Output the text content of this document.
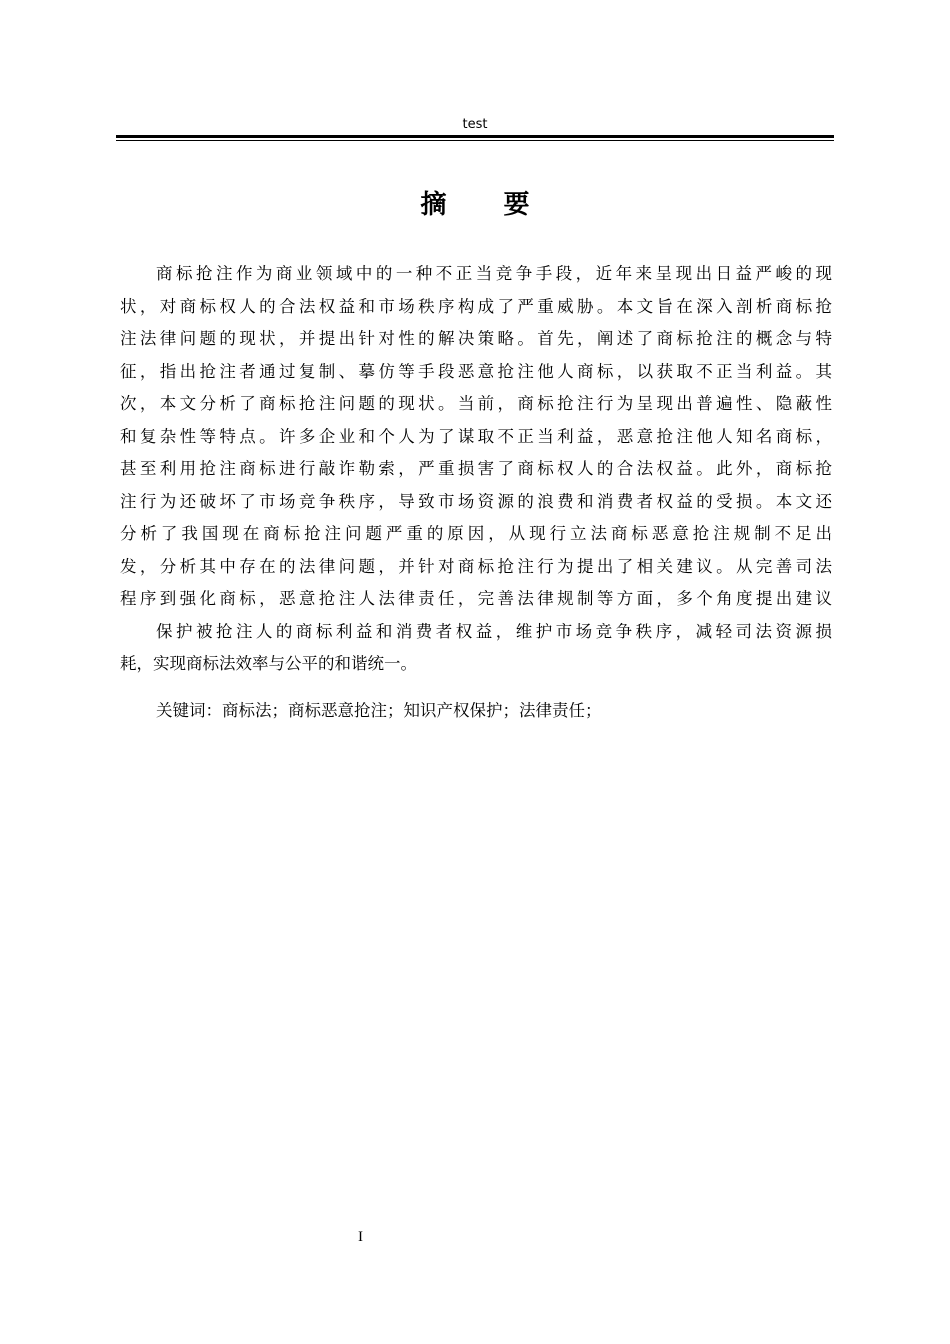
test
摘 要
商标抢注作为商业领域中的一种不正当竞争手段，近年来呈现出日益严峻的现
状，对商标权人的合法权益和市场秩序构成了严重威胁。本文旨在深入剖析商标抢
注法律问题的现状，并提出针对性的解决策略。首先，阐述了商标抢注的概念与特
征，指出抢注者通过复制、摹仿等手段恶意抢注他人商标，以获取不正当利益。其
次，本文分析了商标抢注问题的现状。当前，商标抢注行为呈现出普遍性、隐蔽性
和复杂性等特点。许多企业和个人为了谋取不正当利益，恶意抢注他人知名商标，
甚至利用抢注商标进行敲诈勒索，严重损害了商标权人的合法权益。此外，商标抢
注行为还破坏了市场竞争秩序，导致市场资源的浪费和消费者权益的受损。本文还
分析了我国现在商标抢注问题严重的原因，从现行立法商标恶意抢注规制不足出
发，分析其中存在的法律问题，并针对商标抢注行为提出了相关建议。从完善司法
程序到强化商标，恶意抢注人法律责任，完善法律规制等方面，多个角度提出建议
保护被抢注人的商标利益和消费者权益，维护市场竞争秩序，减轻司法资源损
耗，实现商标法效率与公平的和谐统一。
关键词：商标法；商标恶意抢注；知识产权保护；法律责任；
I
